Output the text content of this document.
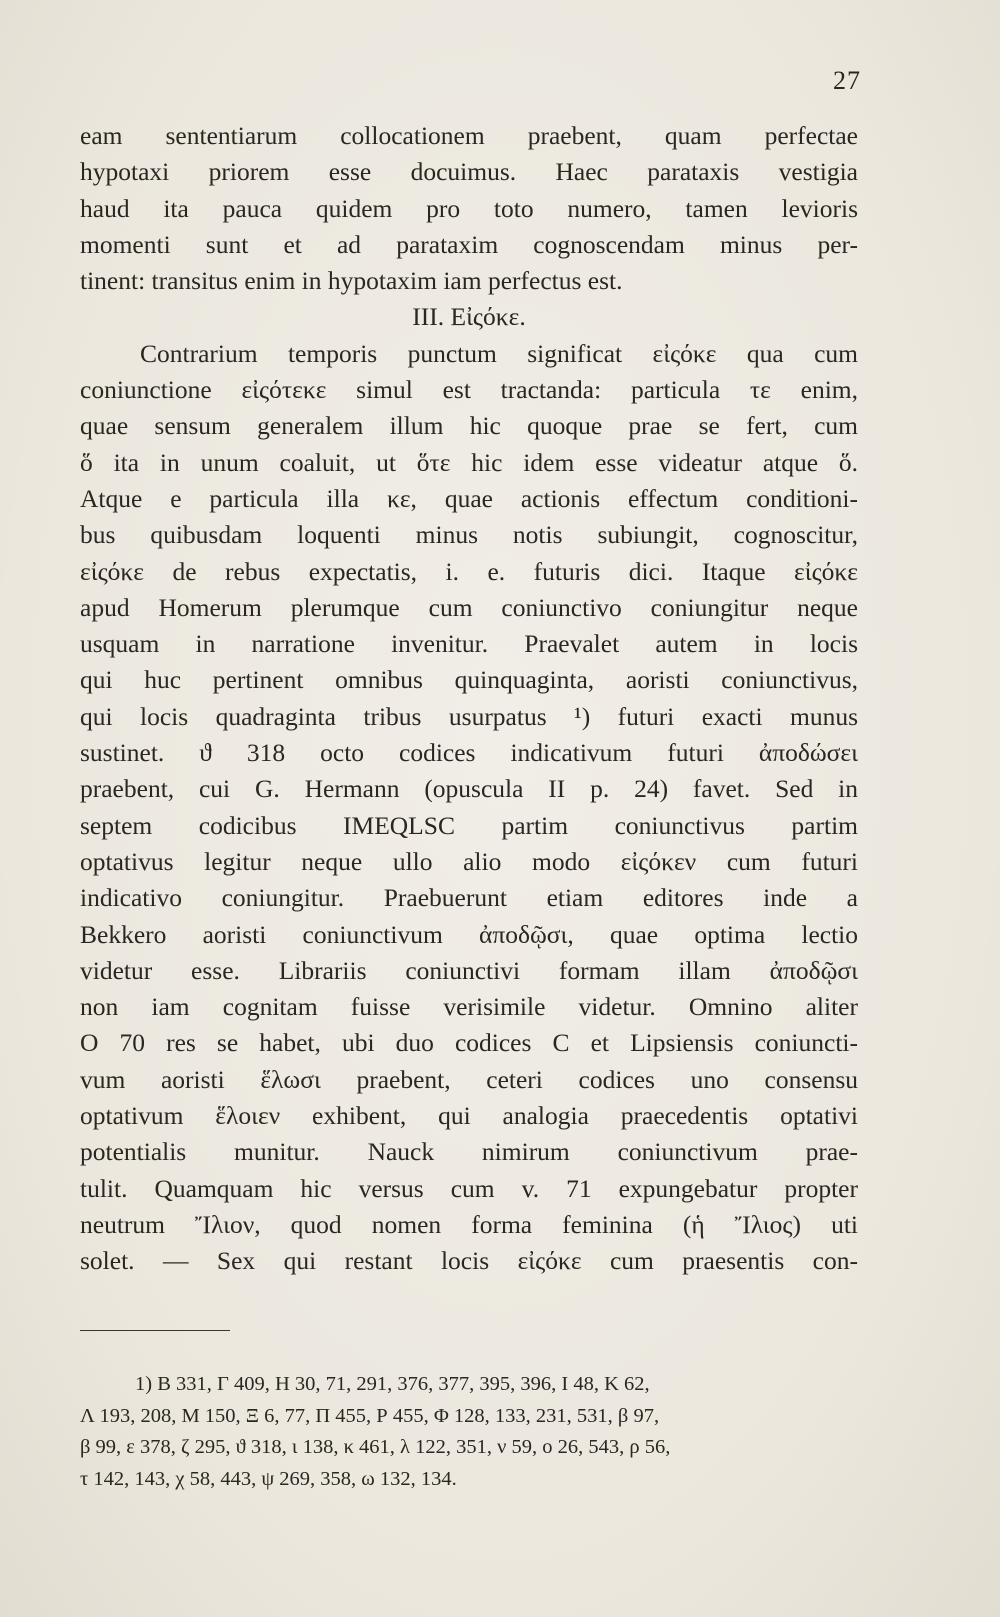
27
eam sententiarum collocationem praebent, quam perfectae
hypotaxi priorem esse docuimus. Haec parataxis vestigia
haud ita pauca quidem pro toto numero, tamen levioris
momenti sunt et ad parataxim cognoscendam minus per-
tinent: transitus enim in hypotaxim iam perfectus est.
III. Εἰςόκε.
Contrarium temporis punctum significat εἰςόκε qua cum
coniunctione εἰςότεκε simul est tractanda: particula τε enim,
quae sensum generalem illum hic quoque prae se fert, cum
ὅ ita in unum coaluit, ut ὅτε hic idem esse videatur atque ὅ.
Atque e particula illa κε, quae actionis effectum conditioni-
bus quibusdam loquenti minus notis subiungit, cognoscitur,
εἰςόκε de rebus expectatis, i. e. futuris dici. Itaque εἰςόκε
apud Homerum plerumque cum coniunctivo coniungitur neque
usquam in narratione invenitur. Praevalet autem in locis
qui huc pertinent omnibus quinquaginta, aoristi coniunctivus,
qui locis quadraginta tribus usurpatus ¹) futuri exacti munus
sustinet. ϑ 318 octo codices indicativum futuri ἀποδώσει
praebent, cui G. Hermann (opuscula II p. 24) favet. Sed in
septem codicibus IMEQLSC partim coniunctivus partim
optativus legitur neque ullo alio modo εἰςόκεν cum futuri
indicativo coniungitur. Praebuerunt etiam editores inde a
Bekkero aoristi coniunctivum ἀποδῷσι, quae optima lectio
videtur esse. Librariis coniunctivi formam illam ἀποδῷσι
non iam cognitam fuisse verisimile videtur. Omnino aliter
Ο 70 res se habet, ubi duo codices C et Lipsiensis coniuncti-
vum aoristi ἕλωσι praebent, ceteri codices uno consensu
optativum ἕλοιεν exhibent, qui analogia praecedentis optativi
potentialis munitur. Nauck nimirum coniunctivum prae-
tulit. Quamquam hic versus cum v. 71 expungebatur propter
neutrum Ἴλιον, quod nomen forma feminina (ἡ Ἴλιος) uti
solet. — Sex qui restant locis εἰςόκε cum praesentis con-
1) Β 331, Γ 409, Η 30, 71, 291, 376, 377, 395, 396, Ι 48, Κ 62,
Λ 193, 208, Μ 150, Ξ 6, 77, Π 455, Ρ 455, Φ 128, 133, 231, 531, β 97,
β 99, ε 378, ζ 295, ϑ 318, ι 138, κ 461, λ 122, 351, ν 59, ο 26, 543, ρ 56,
τ 142, 143, χ 58, 443, ψ 269, 358, ω 132, 134.
